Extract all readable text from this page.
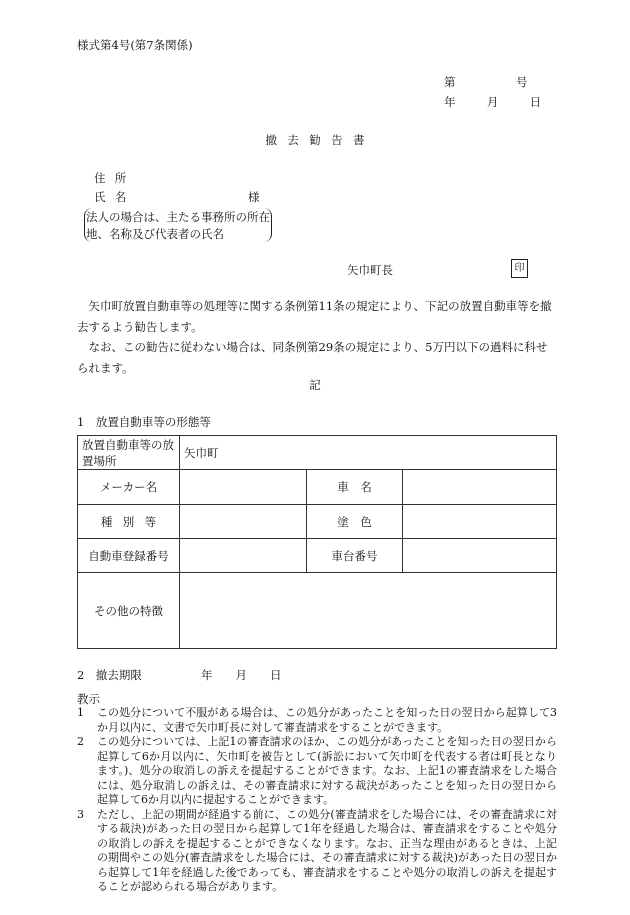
様式第4号(第7条関係)
第	号
年	月	日
撤去勧告書
住所
氏名	様
法人の場合は、主たる事務所の所在地、名称及び代表者の氏名
矢巾町長	印
矢巾町放置自動車等の処理等に関する条例第11条の規定により、下記の放置自動車等を撤去するよう勧告します。
なお、この勧告に従わない場合は、同条例第29条の規定により、5万円以下の過料に科せられます。
記
1　放置自動車等の形態等
放置自動車等の放置場所	矢巾町		
メーカー名		車　名	
種別等		塗　色	
自動車登録番号		車台番号	
その他の特徴			
2　撤去期限	年　　月　　日
教示

1	この処分について不服がある場合は、この処分があったことを知った日の翌日から起算して3か月以内に、文書で矢巾町長に対して審査請求をすることができます。

2	この処分については、上記1の審査請求のほか、この処分があったことを知った日の翌日から起算して6か月以内に、矢巾町を被告として(訴訟において矢巾町を代表する者は町長となります。)、処分の取消しの訴えを提起することができます。なお、上記1の審査請求をした場合には、処分取消しの訴えは、その審査請求に対する裁決があったことを知った日の翌日から起算して6か月以内に提起することができます。

3	ただし、上記の期間が経過する前に、この処分(審査請求をした場合には、その審査請求に対する裁決)があった日の翌日から起算して1年を経過した場合は、審査請求をすることや処分の取消しの訴えを提起することができなくなります。なお、正当な理由があるときは、上記の期間やこの処分(審査請求をした場合には、その審査請求に対する裁決)があった日の翌日から起算して1年を経過した後であっても、審査請求をすることや処分の取消しの訴えを提起することが認められる場合があります。
